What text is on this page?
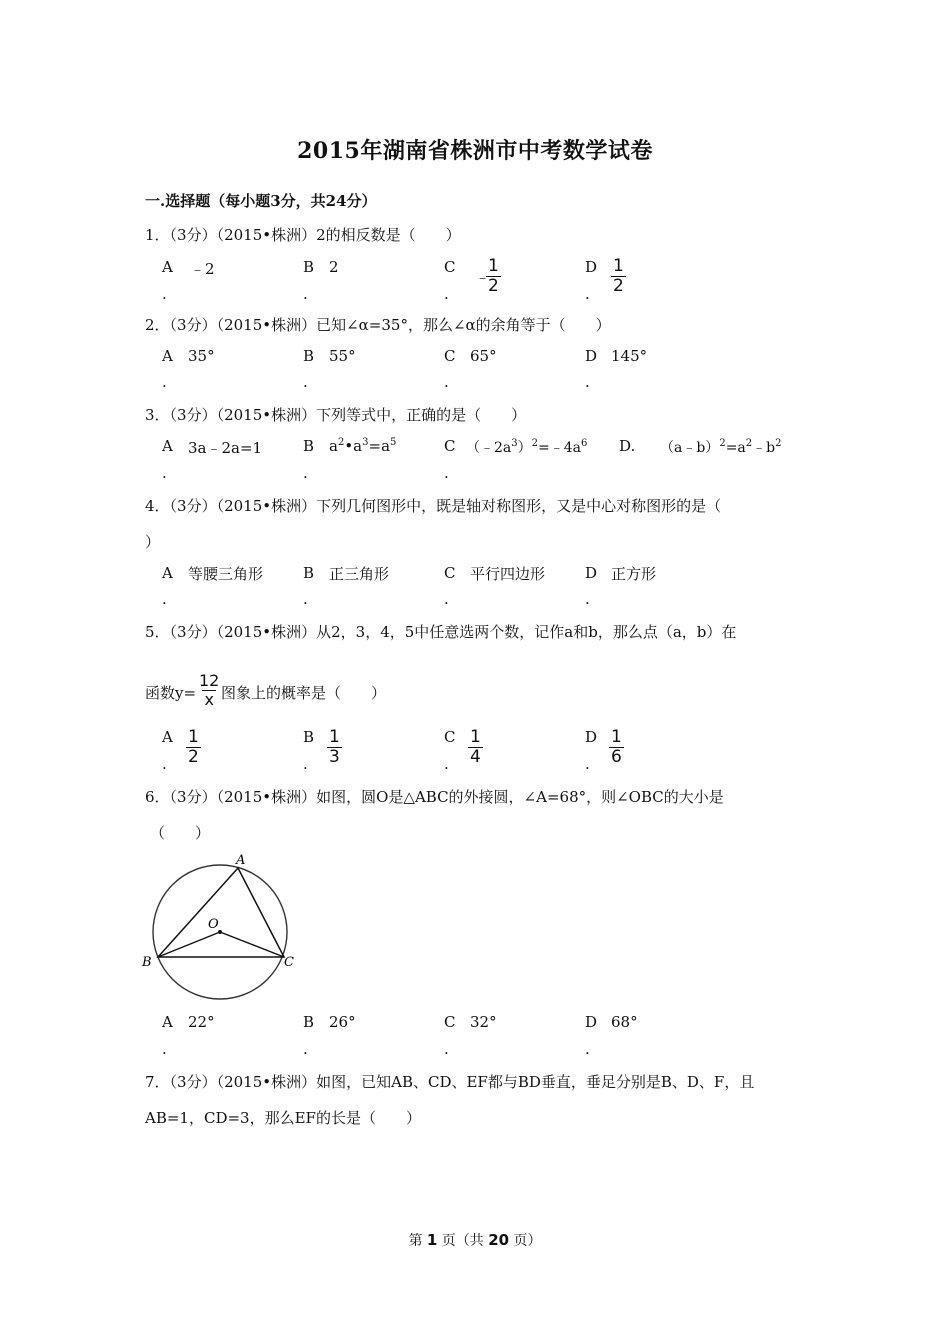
2015年湖南省株洲市中考数学试卷
一.选择题（每小题3分，共24分）
1．（3分）（2015•株洲）2的相反数是（　　）
A ﹣2	B 2	C
﹣
$\frac{1}{2}$	D $\frac{1}{2}$
.	.	.	.
2．（3分）（2015•株洲）已知∠α=35°，那么∠α的余角等于（　　）
A 35°	B 55°	C 65°	D 145°
.	.	.	.
3．（3分）（2015•株洲）下列等式中，正确的是（　　）
A 3a﹣2a=1	B $a^2•a^3=a^5$	C $(﹣2a^3)^2=﹣4a^6$ D. $(a﹣b)^2=a^2﹣b^2$
.	.	.
4．（3分）（2015•株洲）下列几何图形中，既是轴对称图形，又是中心对称图形的是（
）
A 等腰三角形	B 正三角形	C 平行四边形	D 正方形
.	.	.	.
5．（3分）（2015•株洲）从2，3，4，5中任意选两个数，记作a和b，那么点（a，b）在
函数$y= \frac{12}{x}$ 图象上的概率是（　　）
A $\frac{1}{2}$	B $\frac{1}{3}$	C $\frac{1}{4}$	D $\frac{1}{6}$
.	.	.	.
6．（3分）（2015•株洲）如图，圆O是△ABC的外接圆，∠A=68°，则∠OBC的大小是
（　　）
A
B	C
O
A 22°	B 26°	C 32°	D 68°
.	.	.	.
7．（3分）（2015•株洲）如图，已知AB、CD、EF都与BD垂直，垂足分别是B、D、F，且
AB=1，CD=3，那么EF的长是（　　）
第 1 页（共 20 页）
